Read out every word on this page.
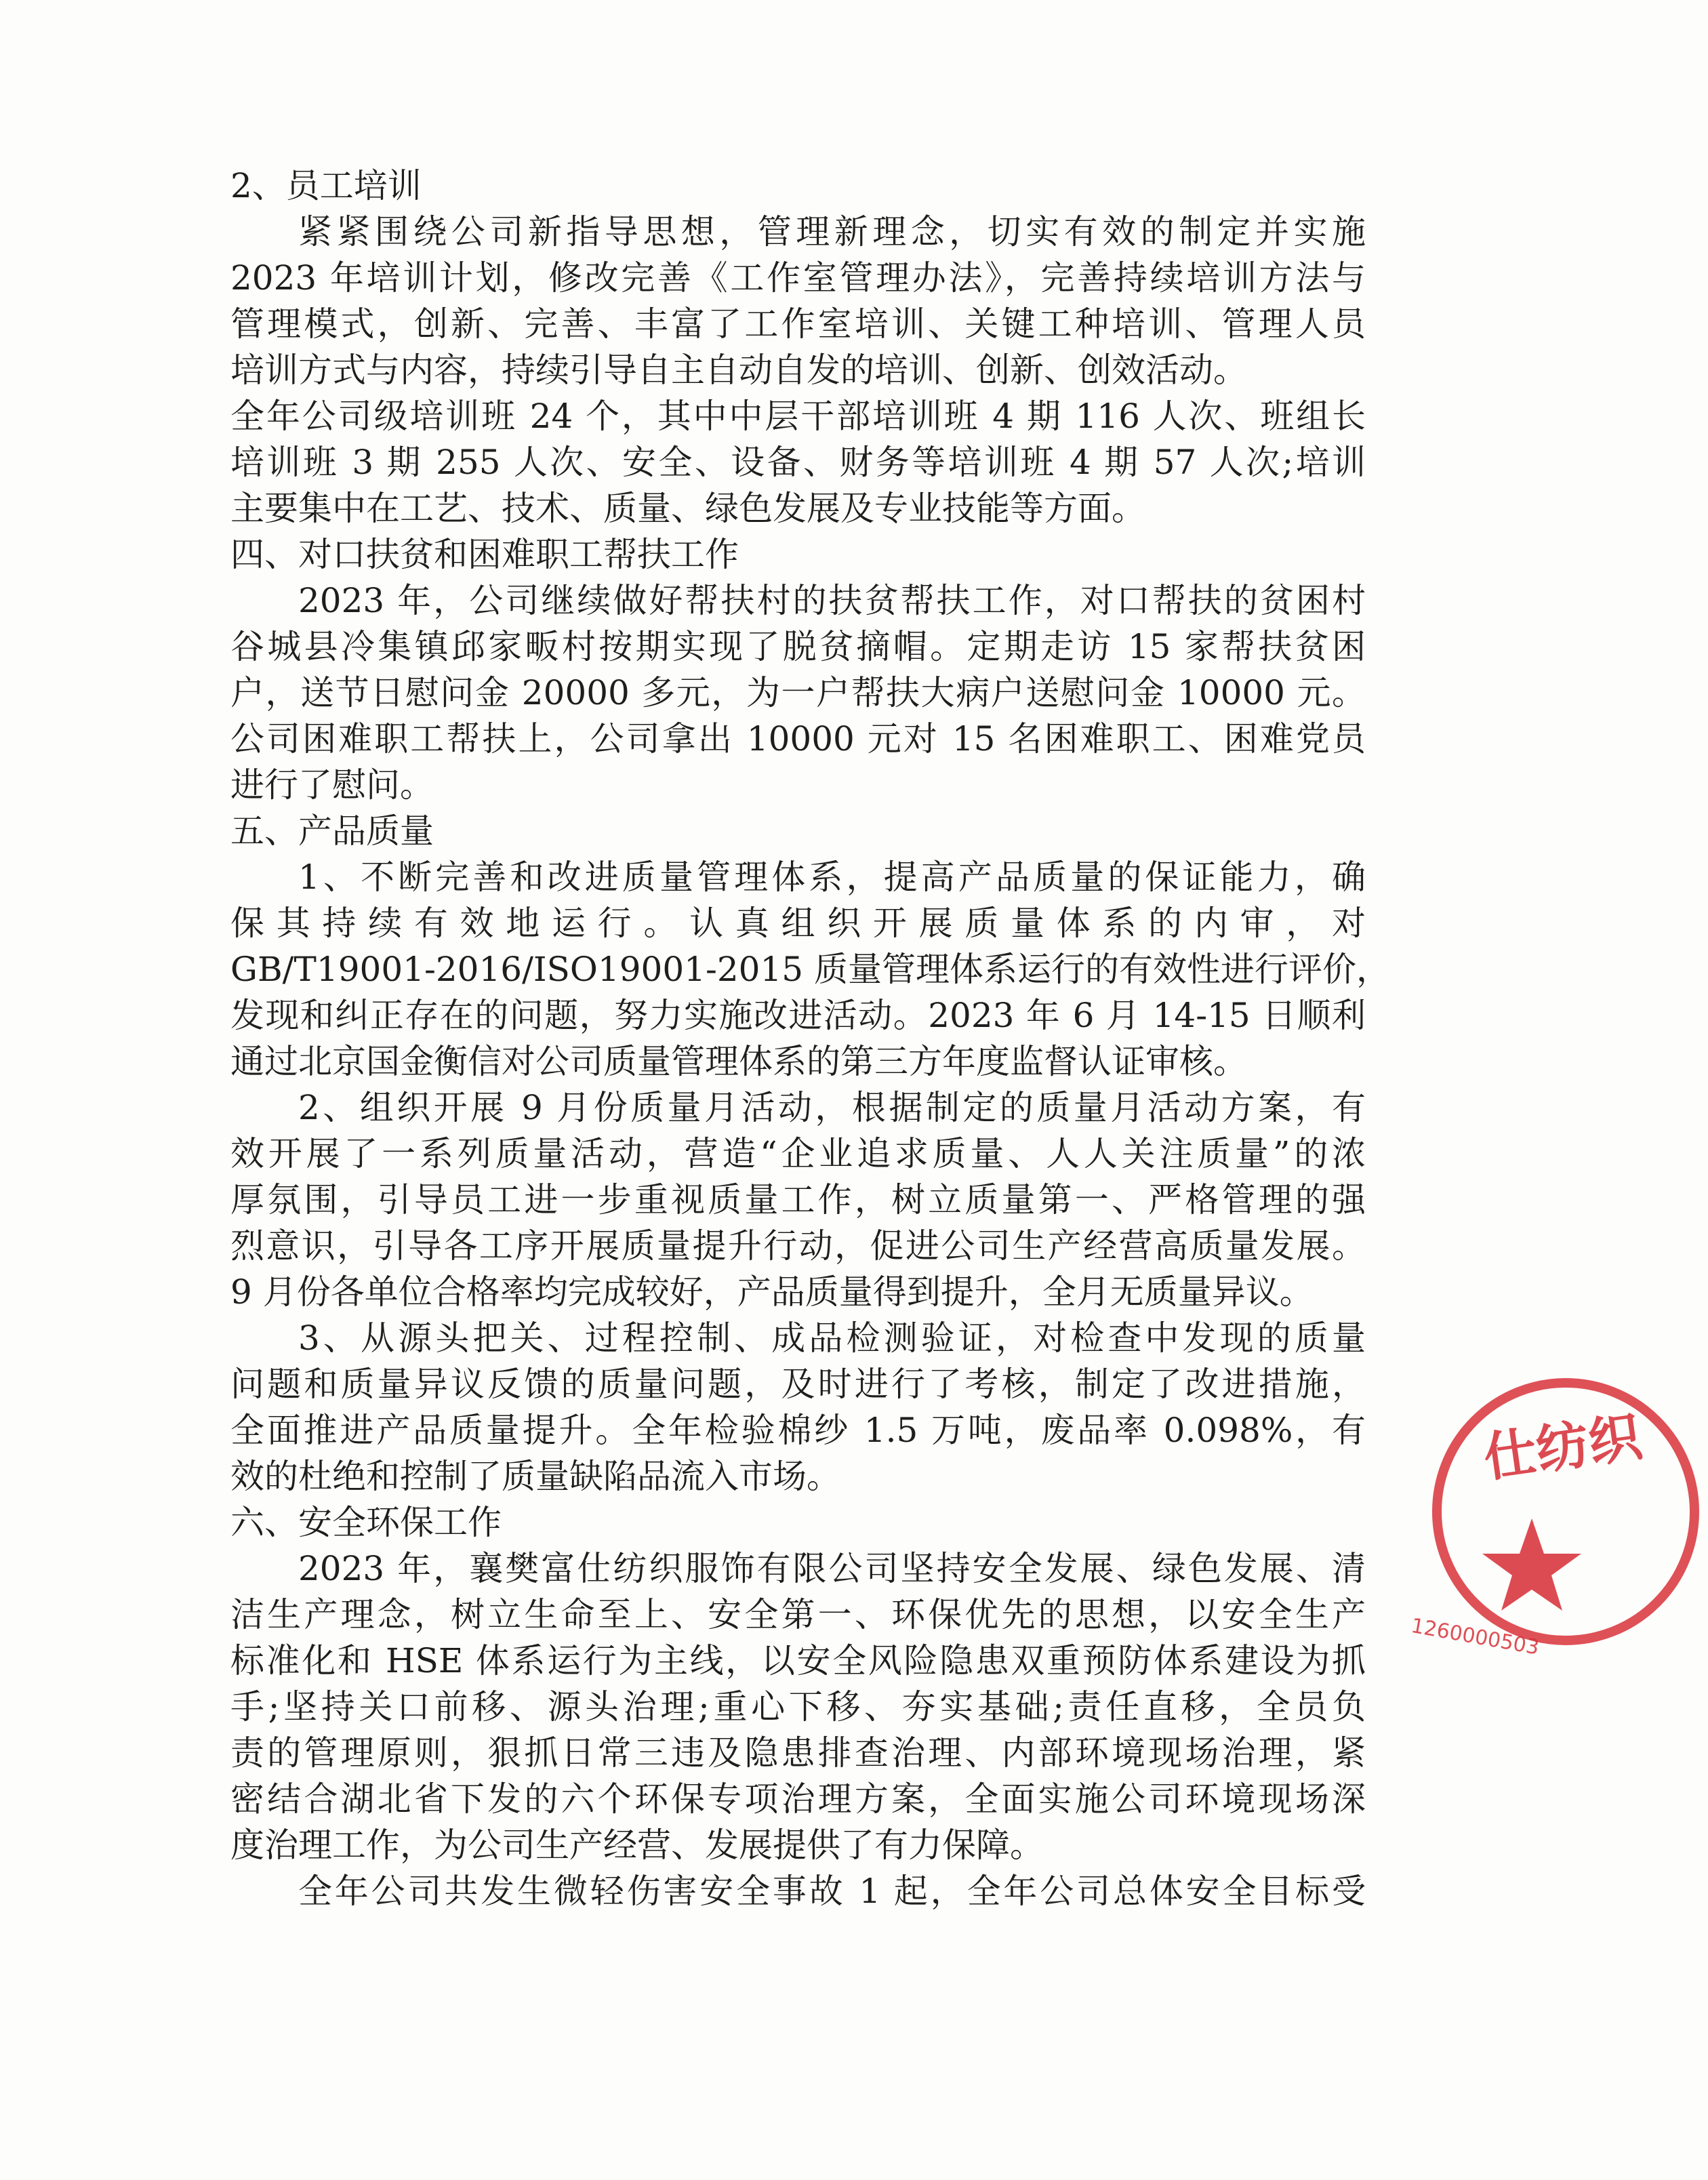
2、员工培训
紧紧围绕公司新指导思想，管理新理念，切实有效的制定并实施
2023 年培训计划，修改完善《工作室管理办法》，完善持续培训方法与
管理模式，创新、完善、丰富了工作室培训、关键工种培训、管理人员
培训方式与内容，持续引导自主自动自发的培训、创新、创效活动。
全年公司级培训班 24 个，其中中层干部培训班 4 期 116 人次、班组长
培训班 3 期 255 人次、安全、设备、财务等培训班 4 期 57 人次;培训
主要集中在工艺、技术、质量、绿色发展及专业技能等方面。
四、对口扶贫和困难职工帮扶工作
2023 年，公司继续做好帮扶村的扶贫帮扶工作，对口帮扶的贫困村
谷城县冷集镇邱家畈村按期实现了脱贫摘帽。定期走访 15 家帮扶贫困
户，送节日慰问金 20000 多元，为一户帮扶大病户送慰问金 10000 元。
公司困难职工帮扶上，公司拿出 10000 元对 15 名困难职工、困难党员
进行了慰问。
五、产品质量
1、不断完善和改进质量管理体系，提高产品质量的保证能力，确
保其持续有效地运行。认真组织开展质量体系的内审，对
GB/T19001-2016/ISO19001-2015 质量管理体系运行的有效性进行评价，
发现和纠正存在的问题，努力实施改进活动。2023 年 6 月 14-15 日顺利
通过北京国金衡信对公司质量管理体系的第三方年度监督认证审核。
2、组织开展 9 月份质量月活动，根据制定的质量月活动方案，有
效开展了一系列质量活动，营造“企业追求质量、人人关注质量”的浓
厚氛围，引导员工进一步重视质量工作，树立质量第一、严格管理的强
烈意识，引导各工序开展质量提升行动，促进公司生产经营高质量发展。
9 月份各单位合格率均完成较好，产品质量得到提升，全月无质量异议。
3、从源头把关、过程控制、成品检测验证，对检查中发现的质量
问题和质量异议反馈的质量问题，及时进行了考核，制定了改进措施，
全面推进产品质量提升。全年检验棉纱 1.5 万吨，废品率 0.098%，有
效的杜绝和控制了质量缺陷品流入市场。
六、安全环保工作
2023 年，襄樊富仕纺织服饰有限公司坚持安全发展、绿色发展、清
洁生产理念，树立生命至上、安全第一、环保优先的思想，以安全生产
标准化和 HSE 体系运行为主线，以安全风险隐患双重预防体系建设为抓
手;坚持关口前移、源头治理;重心下移、夯实基础;责任直移，全员负
责的管理原则，狠抓日常三违及隐患排查治理、内部环境现场治理，紧
密结合湖北省下发的六个环保专项治理方案，全面实施公司环境现场深
度治理工作，为公司生产经营、发展提供了有力保障。
全年公司共发生微轻伤害安全事故 1 起，全年公司总体安全目标受
仕纺织
1260000503
